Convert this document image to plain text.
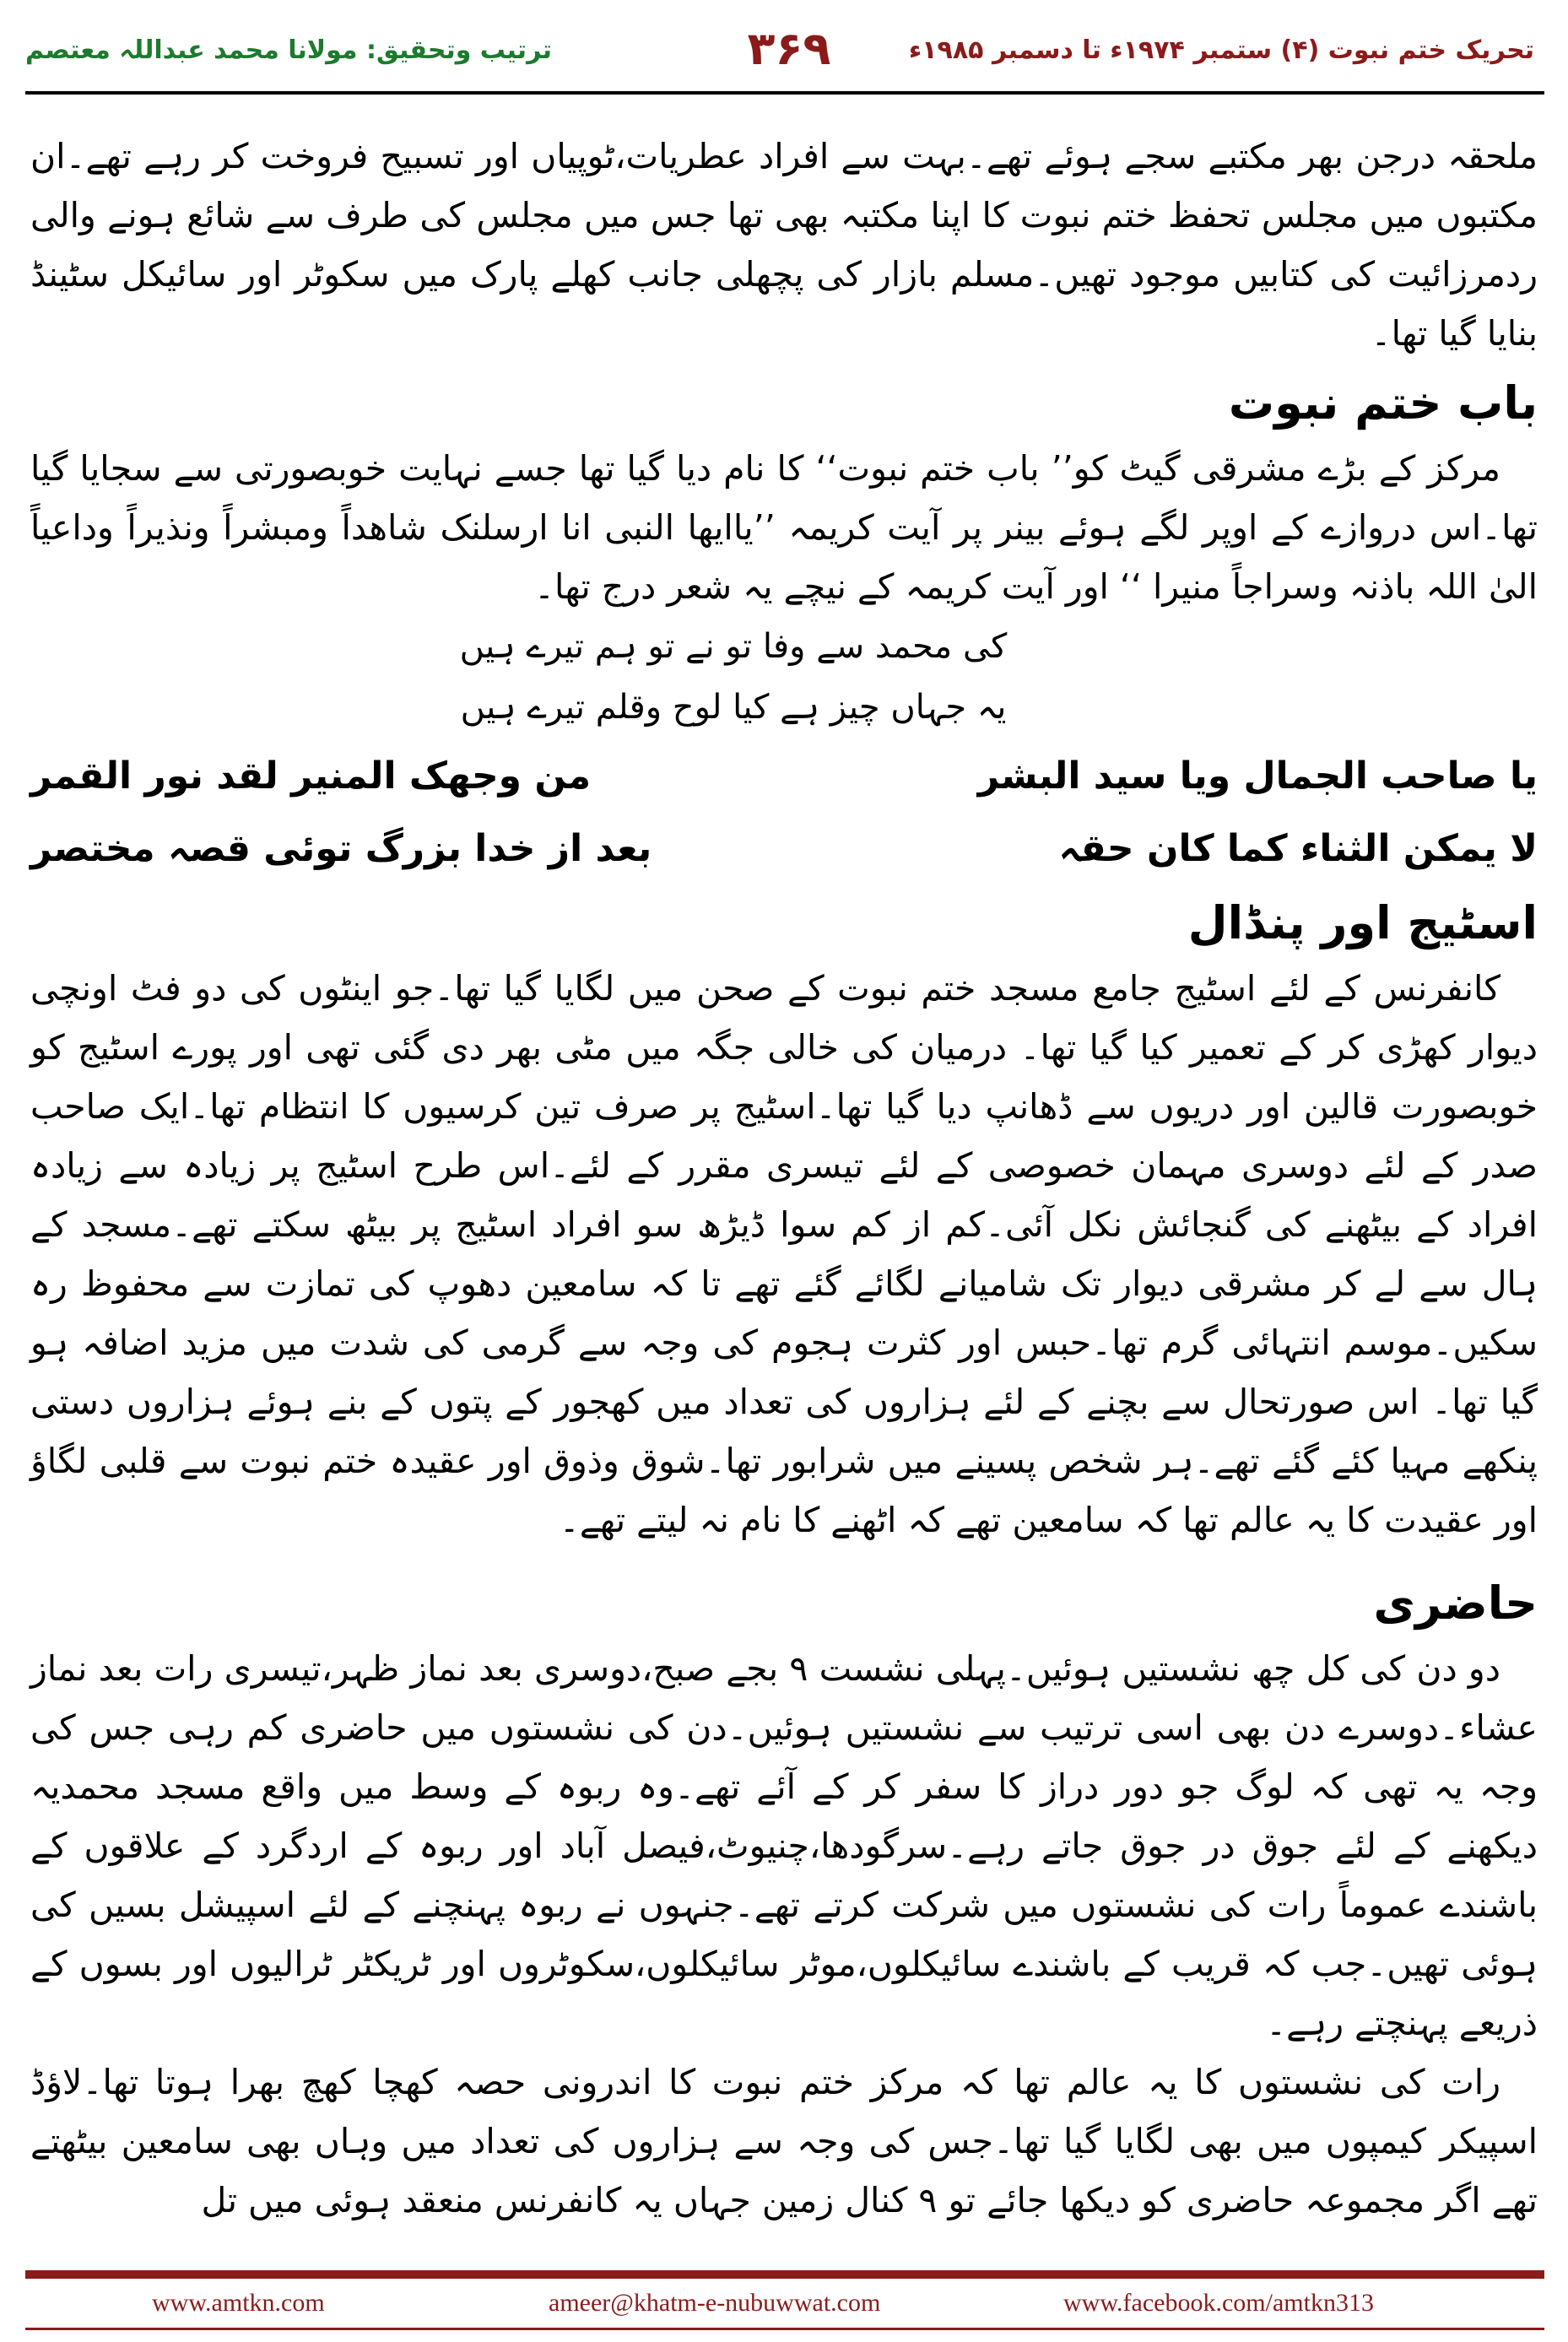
تحریک ختم نبوت (۴) ستمبر ۱۹۷۴ء تا دسمبر ۱۹۸۵ء
۳۶۹
ترتیب وتحقیق: مولانا محمد عبداللہ معتصم

ملحقہ درجن بھر مکتبے سجے ہوئے تھے۔بہت سے افراد عطریات،ٹوپیاں اور تسبیح فروخت کر رہے تھے۔ان مکتبوں میں مجلس تحفظ ختم نبوت کا اپنا مکتبہ بھی تھا جس میں مجلس کی طرف سے شائع ہونے والی ردمرزائیت کی کتابیں موجود تھیں۔مسلم بازار کی پچھلی جانب کھلے پارک میں سکوٹر اور سائیکل سٹینڈ بنایا گیا تھا۔

باب ختم نبوت

مرکز کے بڑے مشرقی گیٹ کو’’ باب ختم نبوت‘‘ کا نام دیا گیا تھا جسے نہایت خوبصورتی سے سجایا گیا تھا۔اس دروازے کے اوپر لگے ہوئے بینر پر آیت کریمہ ’’یاایھا النبی انا ارسلنک شاھداً ومبشراً ونذیراً وداعیاً الیٰ اللہ باذنہ وسراجاً منیرا ‘‘ اور آیت کریمہ کے نیچے یہ شعر درج تھا۔

کی محمد سے وفا تو نے تو ہم تیرے ہیں
یہ جہاں چیز ہے کیا لوح وقلم تیرے ہیں
یا صاحب الجمال ویا سید البشر
من وجھک المنیر لقد نور القمر
لا یمکن الثناء کما کان حقہ
بعد از خدا بزرگ توئی قصہ مختصر
اسٹیج اور پنڈال

کانفرنس کے لئے اسٹیج جامع مسجد ختم نبوت کے صحن میں لگایا گیا تھا۔جو اینٹوں کی دو فٹ اونچی دیوار کھڑی کر کے تعمیر کیا گیا تھا۔ درمیان کی خالی جگہ میں مٹی بھر دی گئی تھی اور پورے اسٹیج کو خوبصورت قالین اور دریوں سے ڈھانپ دیا گیا تھا۔اسٹیج پر صرف تین کرسیوں کا انتظام تھا۔ایک صاحب صدر کے لئے دوسری مہمان خصوصی کے لئے تیسری مقرر کے لئے۔اس طرح اسٹیج پر زیادہ سے زیادہ افراد کے بیٹھنے کی گنجائش نکل آئی۔کم از کم سوا ڈیڑھ سو افراد اسٹیج پر بیٹھ سکتے تھے۔مسجد کے ہال سے لے کر مشرقی دیوار تک شامیانے لگائے گئے تھے تا کہ سامعین دھوپ کی تمازت سے محفوظ رہ سکیں۔موسم انتہائی گرم تھا۔حبس اور کثرت ہجوم کی وجہ سے گرمی کی شدت میں مزید اضافہ ہو گیا تھا۔ اس صورتحال سے بچنے کے لئے ہزاروں کی تعداد میں کھجور کے پتوں کے بنے ہوئے ہزاروں دستی پنکھے مہیا کئے گئے تھے۔ہر شخص پسینے میں شرابور تھا۔شوق وذوق اور عقیدہ ختم نبوت سے قلبی لگاؤ اور عقیدت کا یہ عالم تھا کہ سامعین تھے کہ اٹھنے کا نام نہ لیتے تھے۔

حاضری

دو دن کی کل چھ نشستیں ہوئیں۔پہلی نشست ۹ بجے صبح،دوسری بعد نماز ظہر،تیسری رات بعد نماز عشاء۔دوسرے دن بھی اسی ترتیب سے نشستیں ہوئیں۔دن کی نشستوں میں حاضری کم رہی جس کی وجہ یہ تھی کہ لوگ جو دور دراز کا سفر کر کے آئے تھے۔وہ ربوہ کے وسط میں واقع مسجد محمدیہ دیکھنے کے لئے جوق در جوق جاتے رہے۔سرگودھا،چنیوٹ،فیصل آباد اور ربوہ کے اردگرد کے علاقوں کے باشندے عموماً رات کی نشستوں میں شرکت کرتے تھے۔جنہوں نے ربوہ پہنچنے کے لئے اسپیشل بسیں کی ہوئی تھیں۔جب کہ قریب کے باشندے سائیکلوں،موٹر سائیکلوں،سکوٹروں اور ٹریکٹر ٹرالیوں اور بسوں کے ذریعے پہنچتے رہے۔

رات کی نشستوں کا یہ عالم تھا کہ مرکز ختم نبوت کا اندرونی حصہ کھچا کھچ بھرا ہوتا تھا۔لاؤڈ اسپیکر کیمپوں میں بھی لگایا گیا تھا۔جس کی وجہ سے ہزاروں کی تعداد میں وہاں بھی سامعین بیٹھتے تھے اگر مجموعہ حاضری کو دیکھا جائے تو ۹ کنال زمین جہاں یہ کانفرنس منعقد ہوئی میں تل

www.amtkn.com	ameer@khatm-e-nubuwwat.com	www.facebook.com/amtkn313
